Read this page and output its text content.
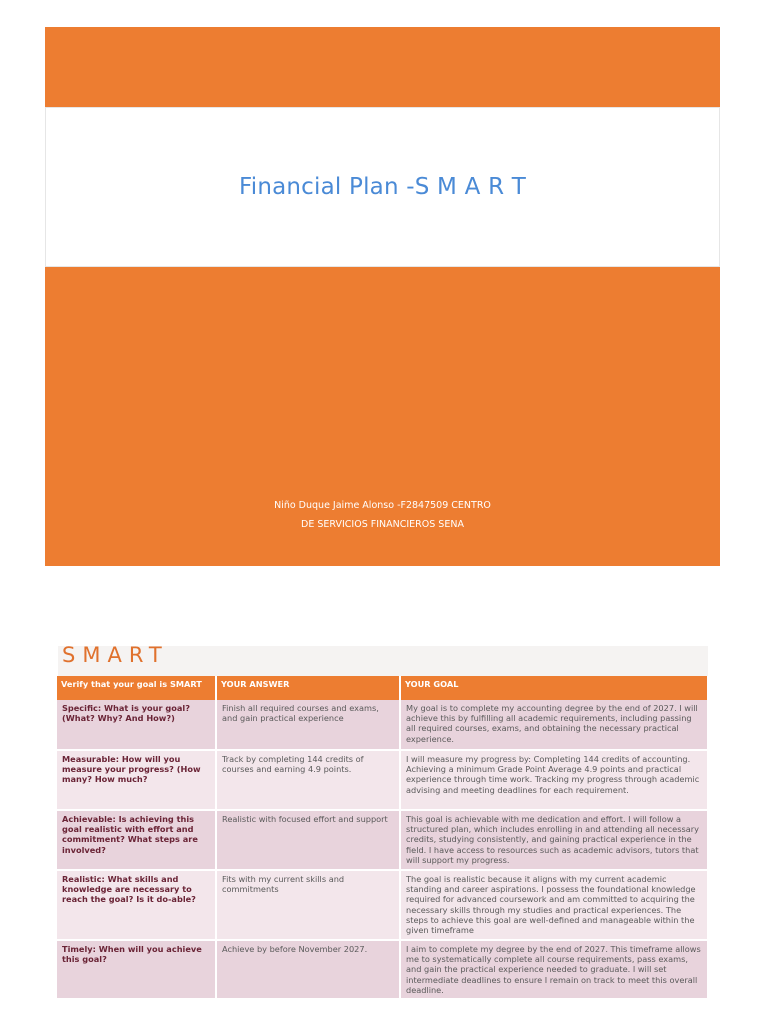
Financial Plan -S M A R T
Niño Duque Jaime Alonso -F2847509 CENTRO
DE SERVICIOS FINANCIEROS SENA
SMART
Verify that your goal is SMART	YOUR ANSWER	YOUR GOAL
Specific: What is your goal? (What? Why? And How?)	Finish all required courses and exams, and gain practical experience	My goal is to complete my accounting degree by the end of 2027. I will achieve this by fulfilling all academic requirements, including passing all required courses, exams, and obtaining the necessary practical experience.
Measurable: How will you measure your progress? (How many? How much?	Track by completing 144 credits of courses and earning 4.9 points.	I will measure my progress by: Completing 144 credits of accounting. Achieving a minimum Grade Point Average 4.9 points and practical experience through time work. Tracking my progress through academic advising and meeting deadlines for each requirement.
Achievable: Is achieving this goal realistic with effort and commitment? What steps are involved?	Realistic with focused effort and support	This goal is achievable with me dedication and effort. I will follow a structured plan, which includes enrolling in and attending all necessary credits, studying consistently, and gaining practical experience in the field. I have access to resources such as academic advisors, tutors that will support my progress.
Realistic: What skills and knowledge are necessary to reach the goal? Is it do-able?	Fits with my current skills and commitments	The goal is realistic because it aligns with my current academic standing and career aspirations. I possess the foundational knowledge required for advanced coursework and am committed to acquiring the necessary skills through my studies and practical experiences. The steps to achieve this goal are well-defined and manageable within the given timeframe
Timely: When will you achieve this goal?	Achieve by before November 2027.	I aim to complete my degree by the end of 2027. This timeframe allows me to systematically complete all course requirements, pass exams, and gain the practical experience needed to graduate. I will set intermediate deadlines to ensure I remain on track to meet this overall deadline.
